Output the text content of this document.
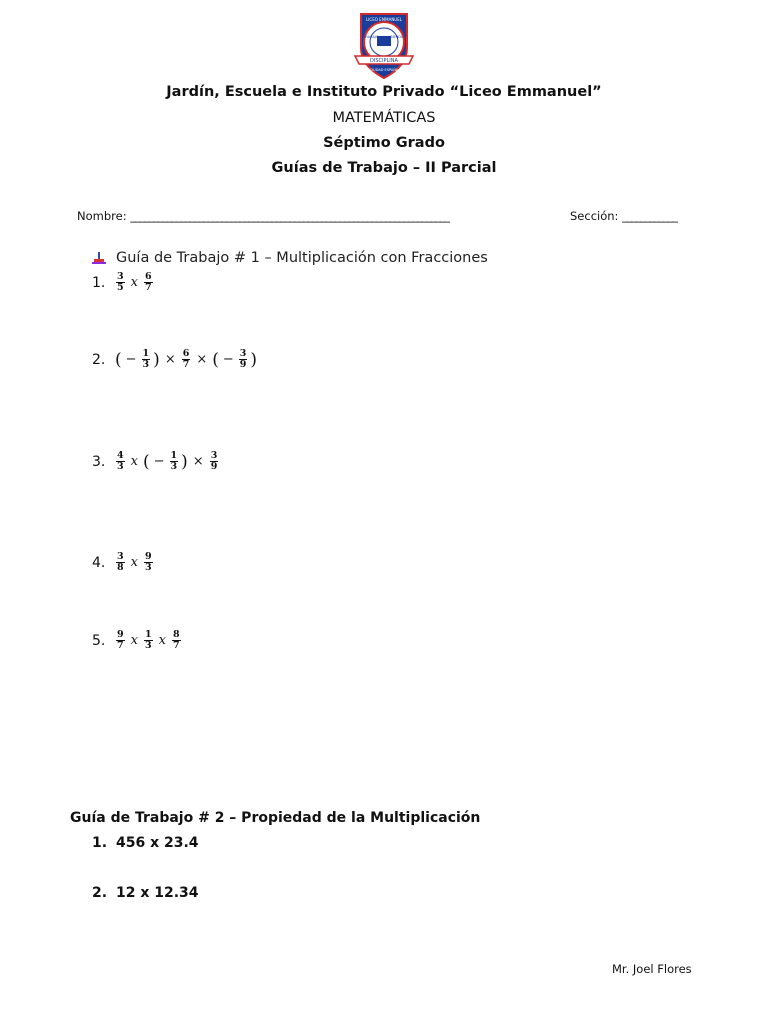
LICEO EMMANUEL
TRABAJO	SIENDO
DISCIPLINA
CIUDAD ESPAÑA
Jardín, Escuela e Instituto Privado “Liceo Emmanuel”
MATEMÁTICAS
Séptimo Grado
Guías de Trabajo – II Parcial
Nombre: ______________________________________________________________________	Sección: ____________
Guía de Trabajo # 1 – Multiplicación con Fracciones
1.	$\frac{3}{5}$ x $\frac{6}{7}$
2. ( − $\frac{1}{3}$ ) × $\frac{6}{7}$ × ( − $\frac{3}{9}$ )
3.	$\frac{4}{3}$ x ( − $\frac{1}{3}$ ) × $\frac{3}{9}$
4.	$\frac{3}{8}$ x $\frac{9}{3}$
5.	$\frac{9}{7}$ x $\frac{1}{3}$ x $\frac{8}{7}$
Guía de Trabajo # 2 – Propiedad de la Multiplicación
1. 456 x 23.4
2. 12 x 12.34
Mr. Joel Flores
